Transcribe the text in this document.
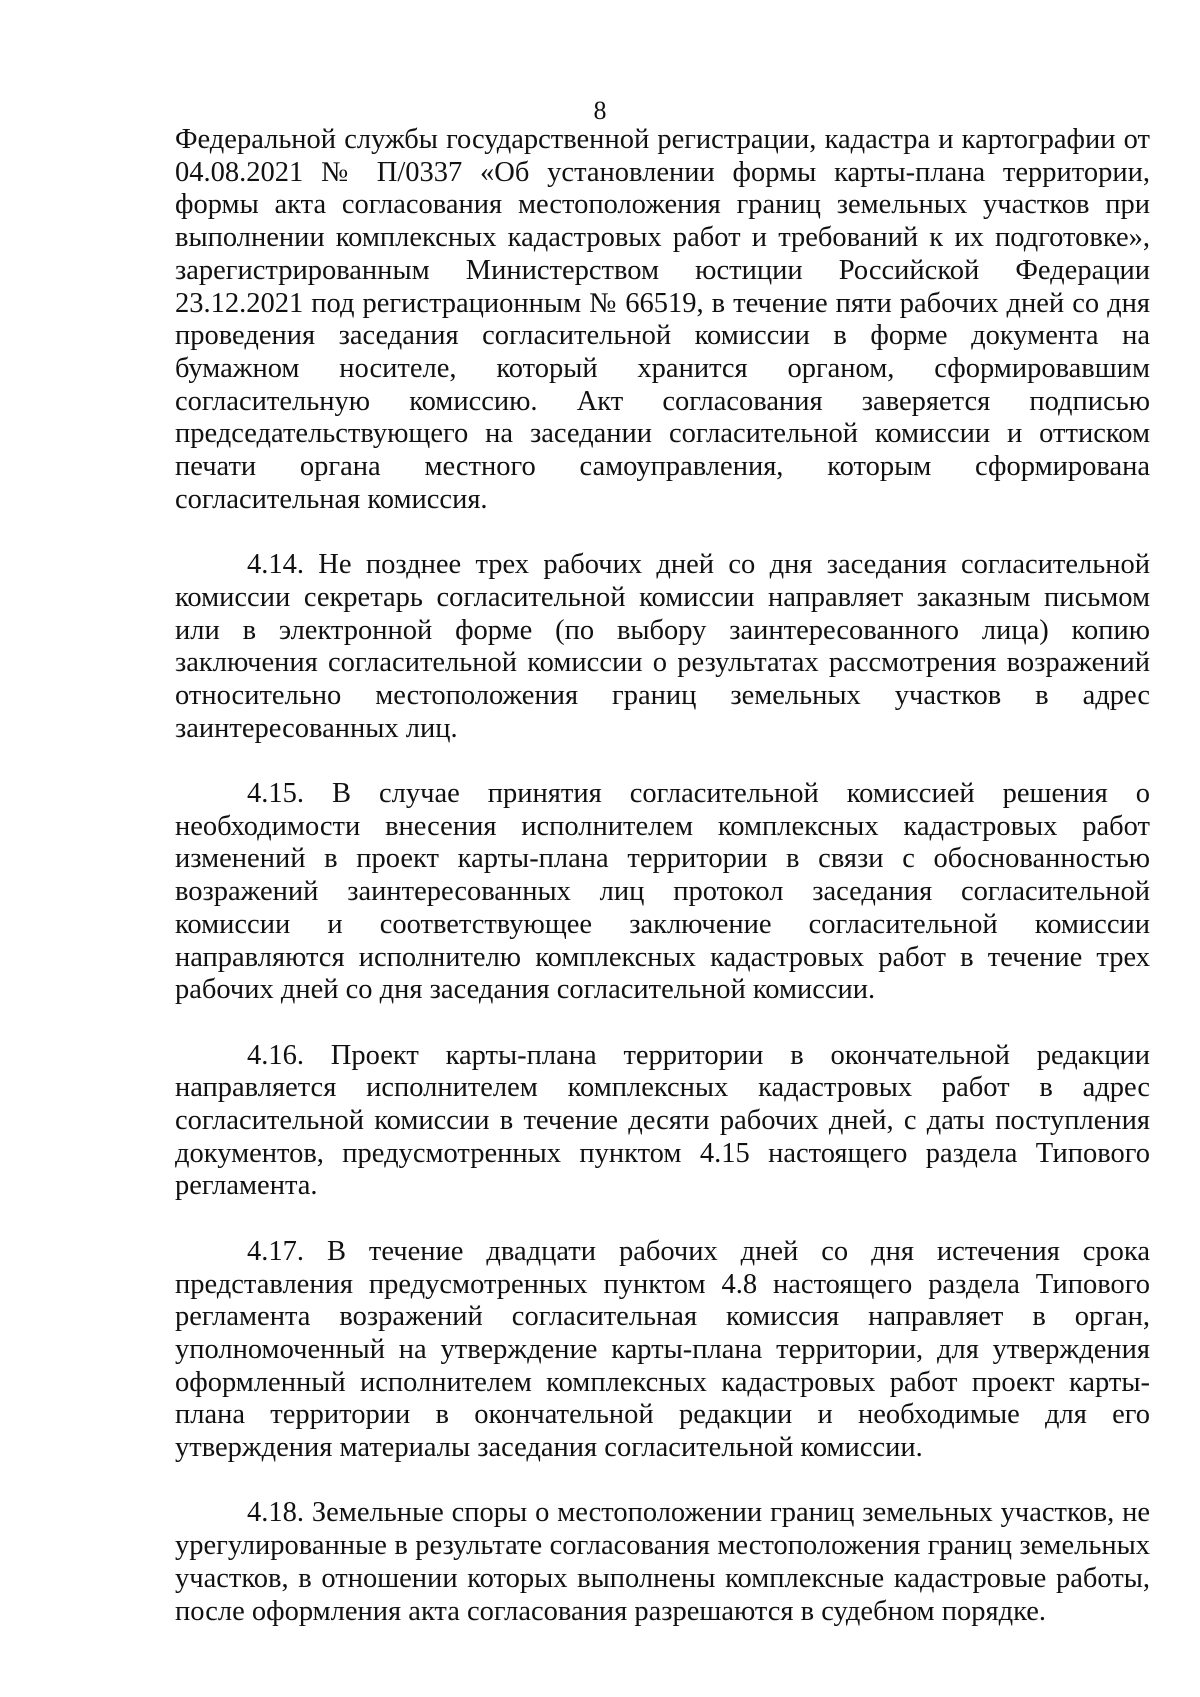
8

Федеральной службы государственной регистрации, кадастра и картографии от 04.08.2021 № П/0337 «Об установлении формы карты-плана территории, формы акта согласования местоположения границ земельных участков при выполнении комплексных кадастровых работ и требований к их подготовке», зарегистрированным Министерством юстиции Российской Федерации 23.12.2021 под регистрационным № 66519, в течение пяти рабочих дней со дня проведения заседания согласительной комиссии в форме документа на бумажном носителе, который хранится органом, сформировавшим согласительную комиссию. Акт согласования заверяется подписью председательствующего на заседании согласительной комиссии и оттиском печати органа местного самоуправления, которым сформирована согласительная комиссия.

4.14. Не позднее трех рабочих дней со дня заседания согласительной комиссии секретарь согласительной комиссии направляет заказным письмом или в электронной форме (по выбору заинтересованного лица) копию заключения согласительной комиссии о результатах рассмотрения возражений относительно местоположения границ земельных участков в адрес заинтересованных лиц.

4.15. В случае принятия согласительной комиссией решения о необходимости внесения исполнителем комплексных кадастровых работ изменений в проект карты-плана территории в связи с обоснованностью возражений заинтересованных лиц протокол заседания согласительной комиссии и соответствующее заключение согласительной комиссии направляются исполнителю комплексных кадастровых работ в течение трех рабочих дней со дня заседания согласительной комиссии.

4.16. Проект карты-плана территории в окончательной редакции направляется исполнителем комплексных кадастровых работ в адрес согласительной комиссии в течение десяти рабочих дней, с даты поступления документов, предусмотренных пунктом 4.15 настоящего раздела Типового регламента.

4.17. В течение двадцати рабочих дней со дня истечения срока представления предусмотренных пунктом 4.8 настоящего раздела Типового регламента возражений согласительная комиссия направляет в орган, уполномоченный на утверждение карты-плана территории, для утверждения оформленный исполнителем комплексных кадастровых работ проект карты-плана территории в окончательной редакции и необходимые для его утверждения материалы заседания согласительной комиссии.

4.18. Земельные споры о местоположении границ земельных участков, не урегулированные в результате согласования местоположения границ земельных участков, в отношении которых выполнены комплексные кадастровые работы, после оформления акта согласования разрешаются в судебном порядке.
